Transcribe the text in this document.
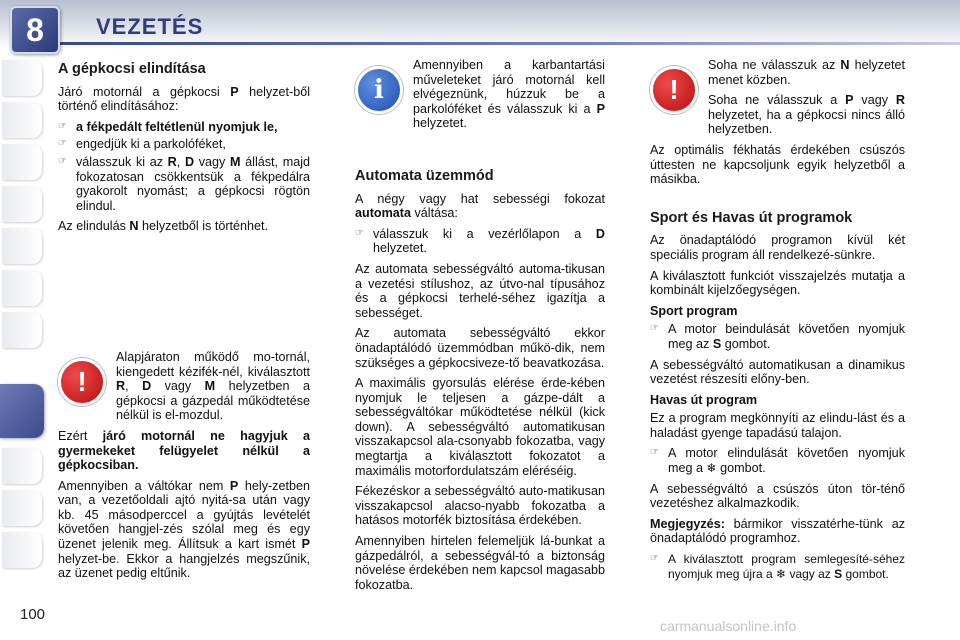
8	VEZETÉS
A gépkocsi elindítása

Járó motornál a gépkocsi P helyzet-ből történő elindításához:

☞ a fékpedált feltétlenül nyomjuk le,
☞ engedjük ki a parkolóféket,
☞ válasszuk ki az R, D vagy M állást, majd fokozatosan csökkentsük a fékpedálra gyakorolt nyomást; a gépkocsi rögtön elindul.

Az elindulás N helyzetből is történhet.

!

Alapjáraton működő mo-tornál, kiengedett kézifék-nél, kiválasztott R, D vagy M helyzetben a gépkocsi a gázpedál működtetése nélkül is el-mozdul.

Ezért járó motornál ne hagyjuk a gyermekeket felügyelet nélkül a gépkocsiban.

Amennyiben a váltókar nem P hely-zetben van, a vezetőoldali ajtó nyitá-sa után vagy kb. 45 másodperccel a gyújtás levételét követően hangjel-zés szólal meg és egy üzenet jelenik meg. Állítsuk a kart ismét P helyzet-be. Ekkor a hangjelzés megszűnik, az üzenet pedig eltűnik.

i

Amennyiben a karbantartási műveleteket járó motornál kell elvégeznünk, húzzuk be a parkolóféket és válasszuk ki a P helyzetet.

Automata üzemmód

A négy vagy hat sebességi fokozat automata váltása:

☞ válasszuk ki a vezérlőlapon a D helyzetet.

Az automata sebességváltó automa-tikusan a vezetési stílushoz, az útvo-nal típusához és a gépkocsi terhelé-séhez igazítja a sebességet.

Az automata sebességváltó ekkor önadaptálódó üzemmódban műkö-dik, nem szükséges a gépkocsiveze-tő beavatkozása.

A maximális gyorsulás elérése érde-kében nyomjuk le teljesen a gázpe-dált a sebességváltókar működtetése nélkül (kick down). A sebességváltó automatikusan visszakapcsol ala-csonyabb fokozatba, vagy megtartja a kiválasztott fokozatot a maximális motorfordulatszám eléréséig.

Fékezéskor a sebességváltó auto-matikusan visszakapcsol alacso-nyabb fokozatba a hatásos motorfék biztosítása érdekében.

Amennyiben hirtelen felemeljük lá-bunkat a gázpedálról, a sebességvál-tó a biztonság növelése érdekében nem kapcsol magasabb fokozatba.

!

Soha ne válasszuk az N helyzetet menet közben.

Soha ne válasszuk a P vagy R helyzetet, ha a gépkocsi nincs álló helyzetben.

Az optimális fékhatás érdekében csúszós úttesten ne kapcsoljunk egyik helyzetből a másikba.

Sport és Havas út programok

Az önadaptálódó programon kívül két speciális program áll rendelkezé-sünkre.

A kiválasztott funkciót visszajelzés mutatja a kombinált kijelzőegységen.

Sport program
☞ A motor beindulását követően nyomjuk meg az S gombot.

A sebességváltó automatikusan a dinamikus vezetést részesíti előny-ben.

Havas út program

Ez a program megkönnyíti az elindu-lást és a haladást gyenge tapadású talajon.

☞ A motor elindulását követően nyomjuk meg a ❄ gombot.

A sebességváltó a csúszós úton tör-ténő vezetéshez alkalmazkodik.

Megjegyzés: bármikor visszatérhe-tünk az önadaptálódó programhoz.

☞ A kiválasztott program semlegesíté-séhez nyomjuk meg újra a ❄ vagy az S gombot.
100
carmanualsonline.info
